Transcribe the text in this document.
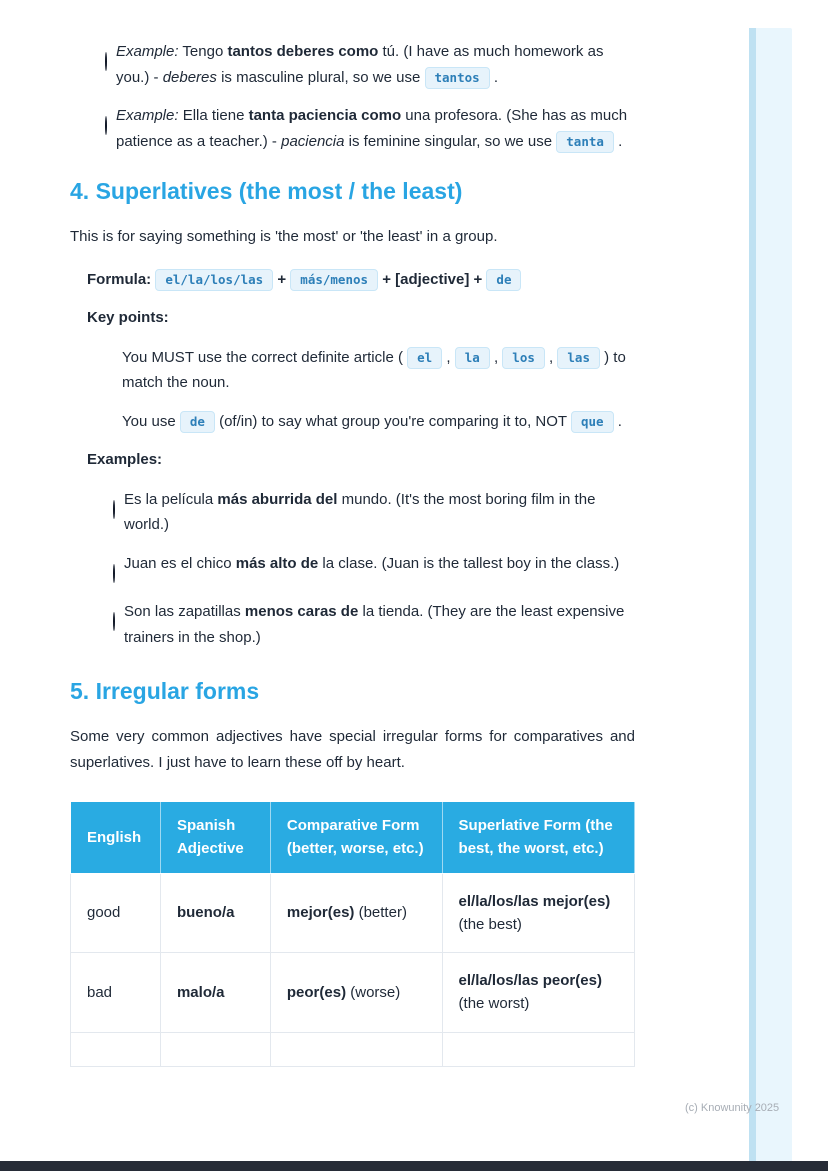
Example: Tengo tantos deberes como tú. (I have as much homework as you.) - deberes is masculine plural, so we use tantos .
Example: Ella tiene tanta paciencia como una profesora. (She has as much patience as a teacher.) - paciencia is feminine singular, so we use tanta .
4. Superlatives (the most / the least)

This is for saying something is 'the most' or 'the least' in a group.

Formula: el/la/los/las + más/menos + [adjective] + de
Key points:
You MUST use the correct definite article ( el , la , los , las ) to match the noun.
You use de (of/in) to say what group you're comparing it to, NOT que .
Examples:
Es la película más aburrida del mundo. (It's the most boring film in the world.)
Juan es el chico más alto de la clase. (Juan is the tallest boy in the class.)
Son las zapatillas menos caras de la tienda. (They are the least expensive trainers in the shop.)
5. Irregular forms

Some very common adjectives have special irregular forms for comparatives and superlatives. I just have to learn these off by heart.

English	Spanish Adjective	Comparative Form (better, worse, etc.)	Superlative Form (the best, the worst, etc.)
good	bueno/a	mejor(es) (better)	el/la/los/las mejor(es) (the best)
bad	malo/a	peor(es) (worse)	el/la/los/las peor(es) (the worst)

(c) Knowunity 2025
